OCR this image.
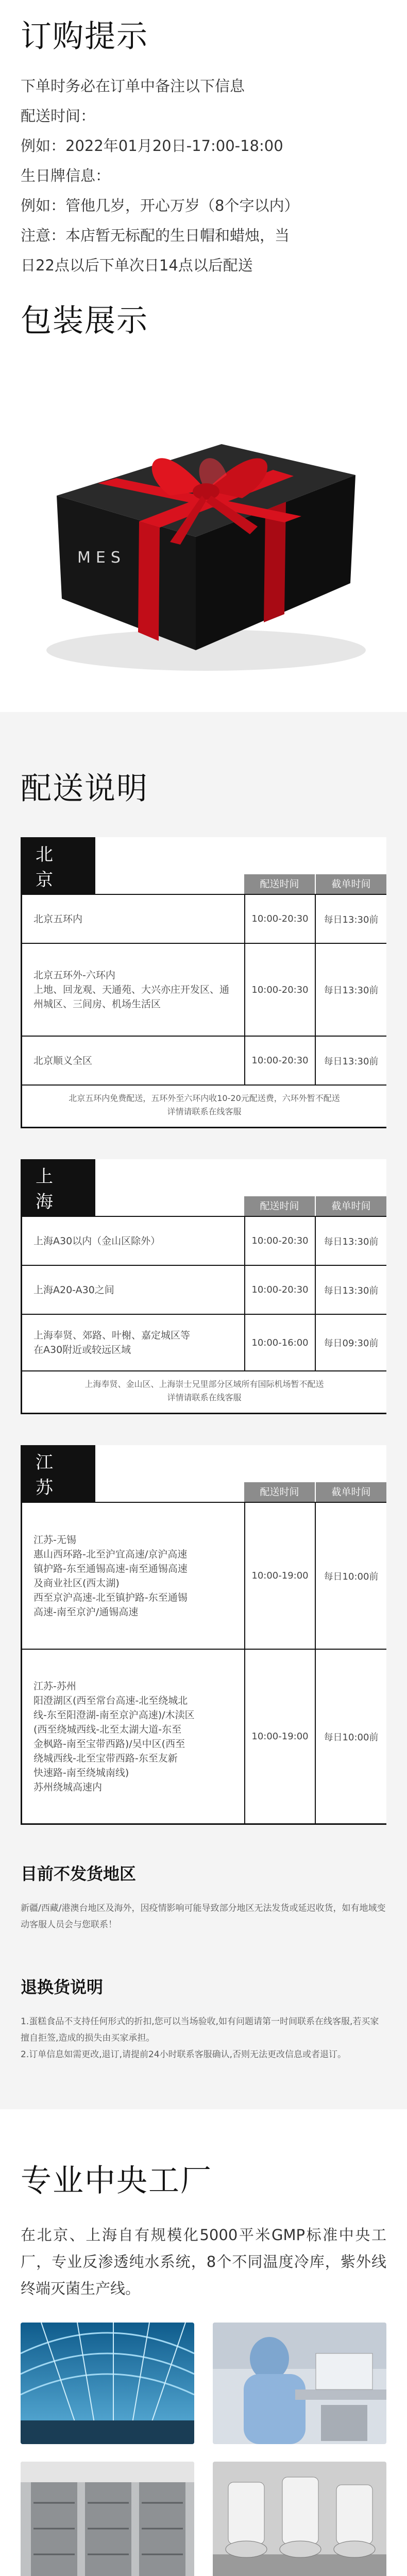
订购提示

下单时务必在订单中备注以下信息

配送时间：

例如：2022年01月20日-17:00-18:00

生日牌信息：

例如：管他几岁，开心万岁（8个字以内）

注意：本店暂无标配的生日帽和蜡烛，当

日22点以后下单次日14点以后配送

包装展示
MES
配送说明
北京	配送时间	截单时间
北京五环内	10:00-20:30	每日13:30前
北京五环外-六环内
上地、回龙观、天通苑、大兴亦庄开发区、通州城区、三间房、机场生活区
10:00-20:30	每日13:30前
北京顺义全区	10:00-20:30	每日13:30前
北京五环内免费配送，五环外至六环内收10-20元配送费，六环外暂不配送
详情请联系在线客服
上海	配送时间	截单时间
上海A30以内（金山区除外）	10:00-20:30	每日13:30前
上海A20-A30之间	10:00-20:30	每日13:30前
上海奉贤、郊路、叶榭、嘉定城区等
在A30附近或较远区域
10:00-16:00	每日09:30前
上海奉贤、金山区、上海崇士兄里部分区域所有国际机场暂不配送
详情请联系在线客服
江苏	配送时间	截单时间
江苏-无锡
惠山西环路-北至沪宜高速/京沪高速
镇护路-东至通锡高速-南至通锡高速
及商业社区(西太湖)
西至京沪高速-北至镇护路-东至通锡
高速-南至京沪/通锡高速
10:00-19:00	每日10:00前
江苏-苏州
阳澄湖区(西至常台高速-北至绕城北
线-东至阳澄湖-南至京沪高速)/木渎区
(西至绕城西线-北至太湖大道-东至
金枫路-南至宝带西路)/吴中区(西至
绕城西线-北至宝带西路-东至友新
快速路-南至绕城南线)
苏州绕城高速内
10:00-19:00	每日10:00前
目前不发货地区

新疆/西藏/港澳台地区及海外，因疫情影响可能导致部分地区无法发货或延迟收货，如有地域变动客服人员会与您联系！

退换货说明

1.蛋糕食品不支持任何形式的折扣,您可以当场验收,如有问题请第一时间联系在线客服,若买家擅自拒签,造成的损失由买家承担。

2.订单信息如需更改,退订,请提前24小时联系客服确认,否则无法更改信息或者退订。

专业中央工厂

在北京、上海自有规模化5000平米GMP标准中央工厂，专业反渗透纯水系统，8个不同温度冷库，紫外线终端灭菌生产线。
